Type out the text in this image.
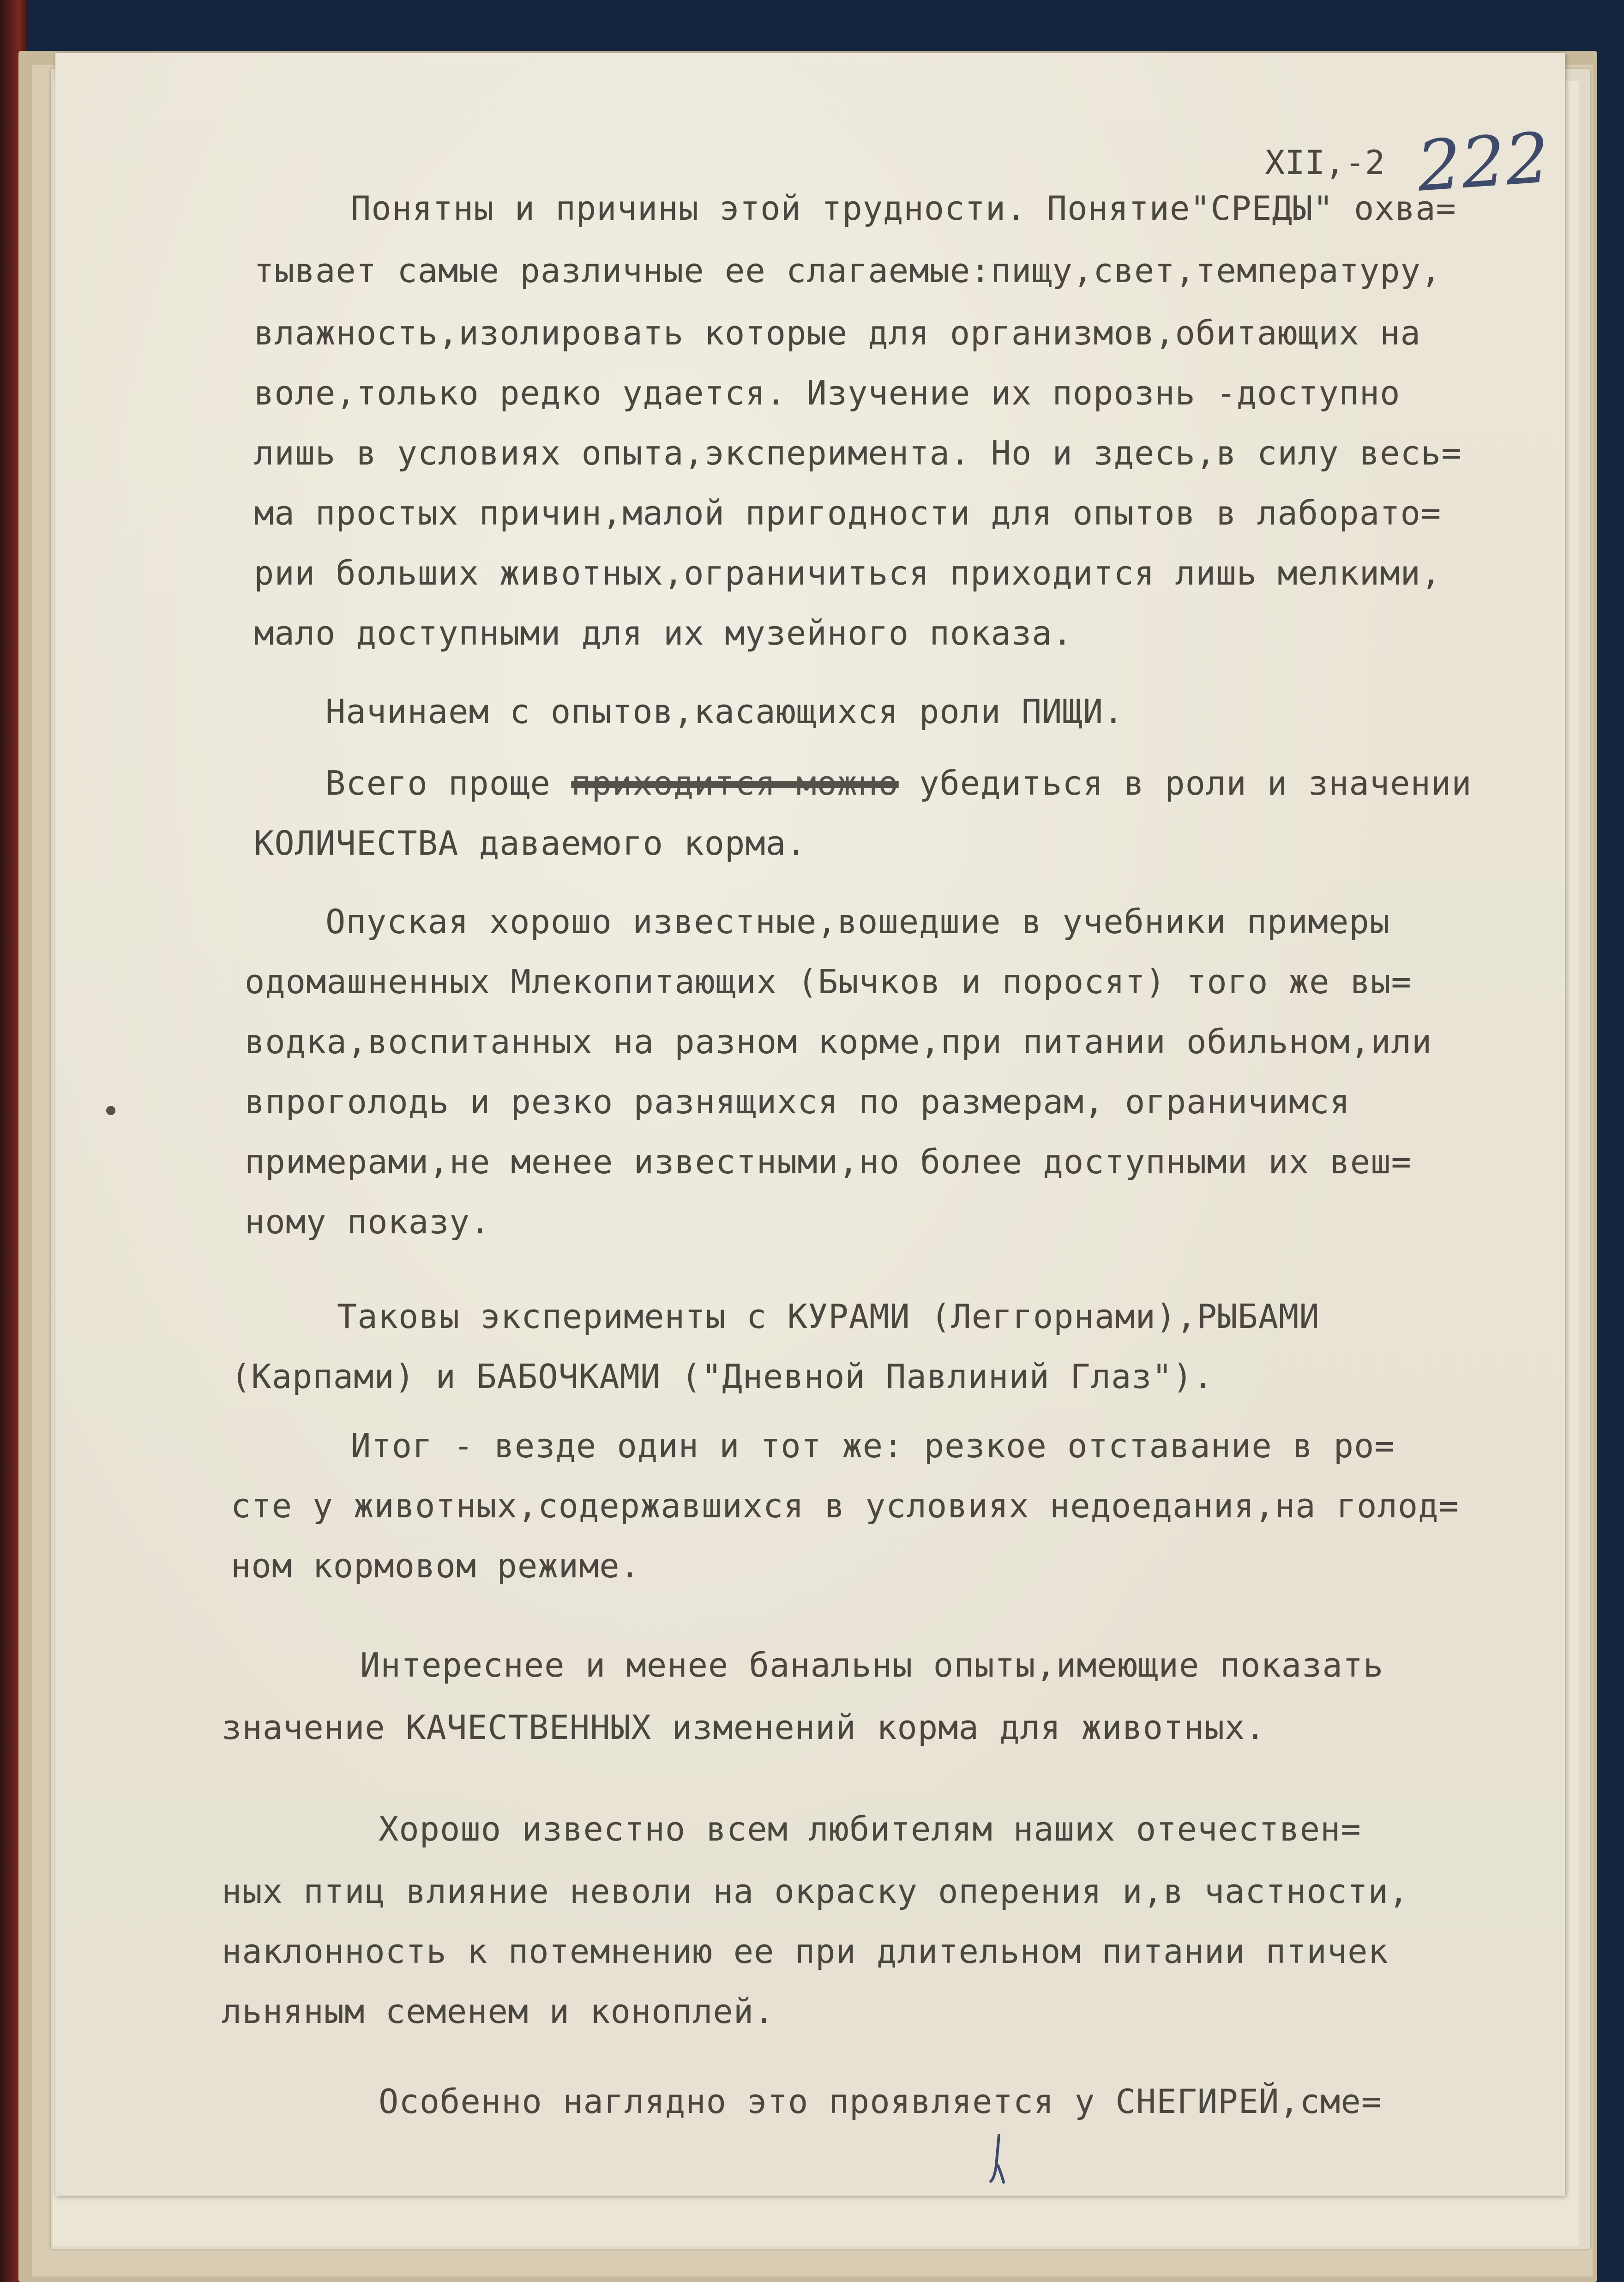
XII,-2 222
Понятны и причины этой трудности. Понятие"СРЕДЫ" охва=
тывает самые различные ее слагаемые:пищу,свет,температуру,
влажность,изолировать которые для организмов,обитающих на
воле,только редко удается. Изучение их порознь -доступно
лишь в условиях опыта,эксперимента. Но и здесь,в силу весь=
ма простых причин,малой пригодности для опытов в лаборато=
рии больших животных,ограничиться приходится лишь мелкими,
мало доступными для их музейного показа.
Начинаем с опытов,касающихся роли ПИЩИ.
Всего проще приходится можно убедиться в роли и значении
КОЛИЧЕСТВА даваемого корма.
Опуская хорошо известные,вошедшие в учебники примеры
одомашненных Млекопитающих (Бычков и поросят) того же вы=
водка,воспитанных на разном корме,при питании обильном,или
впроголодь и резко разнящихся по размерам, ограничимся
примерами,не менее известными,но более доступными их веш=
ному показу.
Таковы эксперименты с КУРАМИ (Леггорнами),РЫБАМИ
(Карпами) и БАБОЧКАМИ ("Дневной Павлиний Глаз").
Итог - везде один и тот же: резкое отставание в ро=
сте у животных,содержавшихся в условиях недоедания,на голод=
ном кормовом режиме.
Интереснее и менее банальны опыты,имеющие показать
значение КАЧЕСТВЕННЫХ изменений корма для животных.
Хорошо известно всем любителям наших отечествен=
ных птиц влияние неволи на окраску оперения и,в частности,
наклонность к потемнению ее при длительном питании птичек
льняным семенем и коноплей.
Особенно наглядно это проявляется у СНЕГИРЕЙ,сме=
